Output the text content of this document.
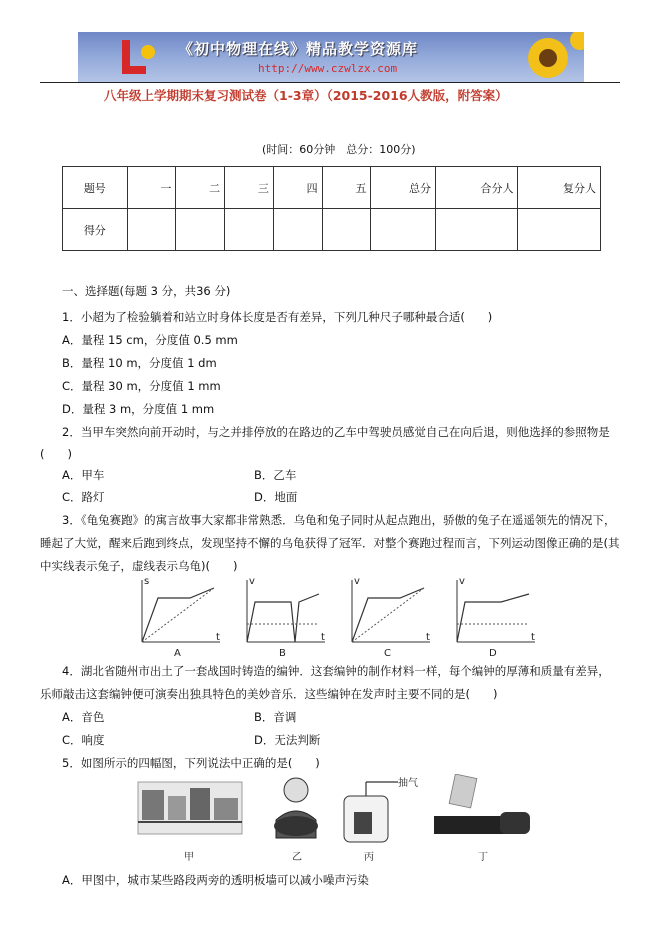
《初中物理在线》精品教学资源库
http://www.czwlzx.com
八年级上学期期末复习测试卷（1-3章）（2015-2016人教版，附答案）
(时间：60分钟　总分：100分)
题号	一	二	三	四	五	总分	合分人	复分人
得分								
一、选择题(每题 3 分，共36 分)
1．小超为了检验躺着和站立时身体长度是否有差异，下列几种尺子哪种最合适(　　)
A．量程 15 cm，分度值 0.5 mm
B．量程 10 m，分度值 1 dm
C．量程 30 m，分度值 1 mm
D．量程 3 m，分度值 1 mm
2．当甲车突然向前开动时，与之并排停放的在路边的乙车中驾驶员感觉自己在向后退，则他选择的参照物是
(　　)
A．甲车	B．乙车
C．路灯	D．地面
3．《龟兔赛跑》的寓言故事大家都非常熟悉．乌龟和兔子同时从起点跑出，骄傲的兔子在遥遥领先的情况下，
睡起了大觉，醒来后跑到终点，发现坚持不懈的乌龟获得了冠军．对整个赛跑过程而言，下列运动图像正确的是(其
中实线表示兔子，虚线表示乌龟)(　　)
s
t
A
v
t
B
v
t
C
v
t
D
4．湖北省随州市出土了一套战国时铸造的编钟．这套编钟的制作材料一样，每个编钟的厚薄和质量有差异，
乐师敲击这套编钟便可演奏出独具特色的美妙音乐．这些编钟在发声时主要不同的是(　　)
A．音色	B．音调
C．响度	D．无法判断
5．如图所示的四幅图，下列说法中正确的是(　　)
甲	乙
抽气
丙	丁
A．甲图中，城市某些路段两旁的透明板墙可以减小噪声污染
